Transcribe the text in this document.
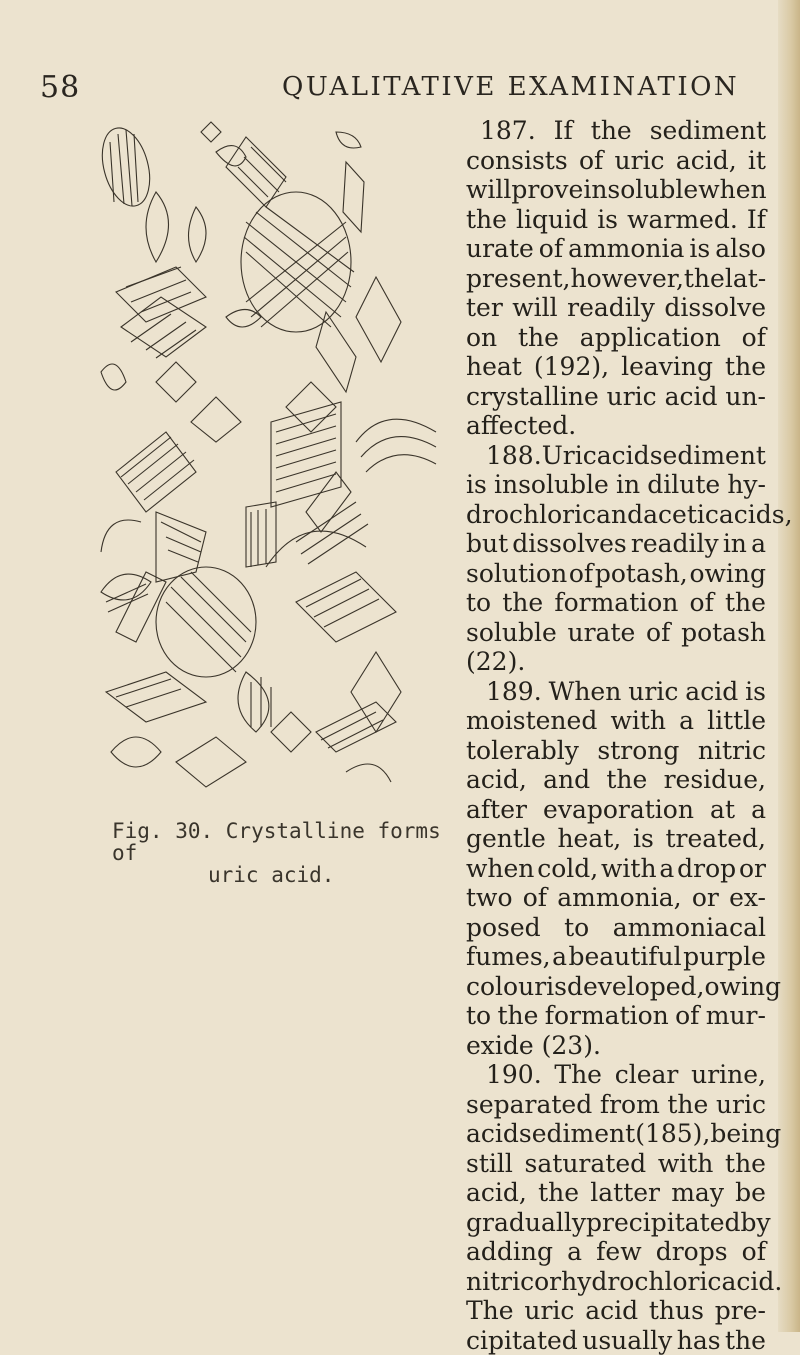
58	QUALITATIVE EXAMINATION
Fig. 30. Crystalline forms of
uric acid.
187. If the sediment
consists of uric acid, it
will prove insoluble when
the liquid is warmed. If
urate of ammonia is also
present, however, the lat-
ter will readily dissolve
on the application of
heat (192), leaving the
crystalline uric acid un-
affected.
188. Uric acid sediment
is insoluble in dilute hy-
drochloric and acetic acids,
but dissolves readily in a
solution of potash, owing
to the formation of the
soluble urate of potash
(22).
189. When uric acid is
moistened with a little
tolerably strong nitric
acid, and the residue,
after evaporation at a
gentle heat, is treated,
when cold, with a drop or
two of ammonia, or ex-
posed to ammoniacal
fumes, a beautiful purple
colour is developed, owing
to the formation of mur-
exide (23).
190. The clear urine,
separated from the uric
acid sediment (185), being
still saturated with the
acid, the latter may be
gradually precipitated by
adding a few drops of
nitric or hydrochloric acid.
The uric acid thus pre-
cipitated usually has the
